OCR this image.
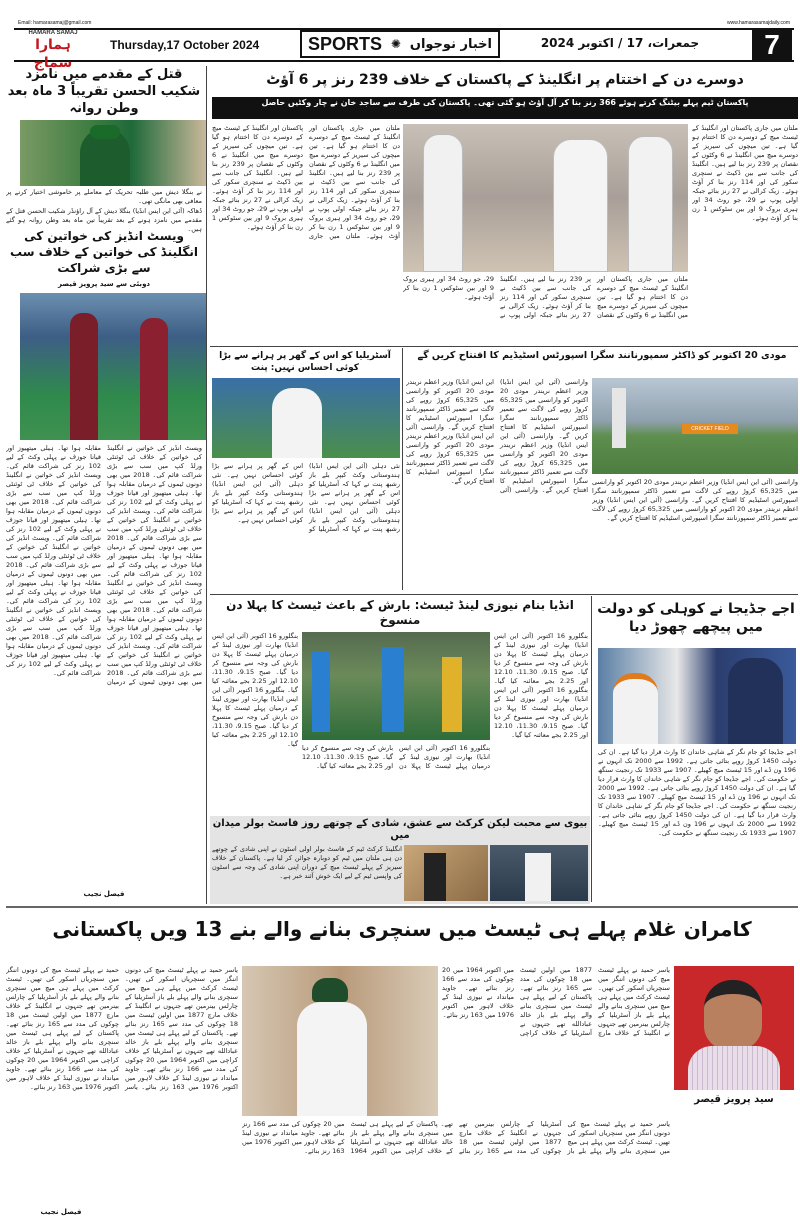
Email: hamarasamaj@gmail.com	www.hamarasamajdaily.com
HAMARA SAMAJ
ہمارا سماج
Thursday,17 October 2024	SPORTS ✺ اخبار نوجواں	جمعرات، 17 / اکتوبر 2024	7
قتل کے مقدمے میں نامزد شکیب الحسن تقریباً 3 ماہ بعد وطن روانہ
نے بنگلا دیش میں طلبہ تحریک کے معاملے پر خاموشی اختیار کرنے پر معافی بھی مانگی تھی۔
ڈھاکہ (آئی این ایس انڈیا) بنگلا دیش کے آل راؤنڈر شکیب الحسن قتل کے مقدمے میں نامزد ہونے کے بعد تقریباً تین ماہ بعد وطن روانہ ہو گئے ہیں۔
ویسٹ انڈیز کی خواتین کی انگلینڈ کی خواتین کے خلاف سب سے بڑی شراکت
دوبئی سے سید پرویز قیصر
ویسٹ انڈیز کی خواتین نے انگلینڈ کی خواتین کے خلاف ٹی ٹوئنٹی ورلڈ کپ میں سب سے بڑی شراکت قائم کی۔ 2018 میں بھی دونوں ٹیموں کے درمیان مقابلہ ہوا تھا۔ ہیلی میتھیوز اور قیانا جوزف نے پہلی وکٹ کے لیے 102 رنز کی شراکت قائم کی۔ ویسٹ انڈیز کی خواتین نے انگلینڈ کی خواتین کے خلاف ٹی ٹوئنٹی ورلڈ کپ میں سب سے بڑی شراکت قائم کی۔ 2018 میں بھی دونوں ٹیموں کے درمیان مقابلہ ہوا تھا۔ ہیلی میتھیوز اور قیانا جوزف نے پہلی وکٹ کے لیے 102 رنز کی شراکت قائم کی۔ ویسٹ انڈیز کی خواتین نے انگلینڈ کی خواتین کے خلاف ٹی ٹوئنٹی ورلڈ کپ میں سب سے بڑی شراکت قائم کی۔ 2018 میں بھی دونوں ٹیموں کے درمیان مقابلہ ہوا تھا۔ ہیلی میتھیوز اور قیانا جوزف نے پہلی وکٹ کے لیے 102 رنز کی شراکت قائم کی۔ ویسٹ انڈیز کی خواتین نے انگلینڈ کی خواتین کے خلاف ٹی ٹوئنٹی ورلڈ کپ میں سب سے بڑی شراکت قائم کی۔ 2018 میں بھی دونوں ٹیموں کے درمیان مقابلہ ہوا تھا۔ ہیلی میتھیوز اور قیانا جوزف نے پہلی وکٹ کے لیے 102 رنز کی شراکت قائم کی۔ ویسٹ انڈیز کی خواتین نے انگلینڈ کی خواتین کے خلاف ٹی ٹوئنٹی ورلڈ کپ میں سب سے بڑی شراکت قائم کی۔ 2018 میں بھی دونوں ٹیموں کے درمیان مقابلہ ہوا تھا۔ ہیلی میتھیوز اور قیانا جوزف نے پہلی وکٹ کے لیے 102 رنز کی شراکت قائم کی۔ ویسٹ انڈیز کی خواتین نے انگلینڈ کی خواتین کے خلاف ٹی ٹوئنٹی ورلڈ کپ میں سب سے بڑی شراکت قائم کی۔ 2018 میں بھی دونوں ٹیموں کے درمیان مقابلہ ہوا تھا۔ ہیلی میتھیوز اور قیانا جوزف نے پہلی وکٹ کے لیے 102 رنز کی شراکت قائم کی۔ ویسٹ انڈیز کی خواتین نے انگلینڈ کی خواتین کے خلاف ٹی ٹوئنٹی ورلڈ کپ میں سب سے بڑی شراکت قائم کی۔ 2018 میں بھی دونوں ٹیموں کے درمیان مقابلہ ہوا تھا۔ ہیلی میتھیوز اور قیانا جوزف نے پہلی وکٹ کے لیے 102 رنز کی شراکت قائم کی۔
فیصل نجیب
دوسرے دن کے اختتام پر انگلینڈ کے پاکستان کے خلاف 239 رنز پر 6 آؤٹ
پاکستان ٹیم پہلے بیٹنگ کرتے ہوئے 366 رنز بنا کر آل آؤٹ ہو گئی تھی۔ پاکستان کی طرف سے ساجد خان نے چار وکٹیں حاصل
ملتان میں جاری پاکستان اور انگلینڈ کے ٹیسٹ میچ کے دوسرے دن کا اختتام ہو گیا ہے۔ تین میچوں کی سیریز کے دوسرے میچ میں انگلینڈ نے 6 وکٹوں کے نقصان پر 239 رنز بنا لیے ہیں۔ انگلینڈ کی جانب سے بین ڈکیٹ نے سنچری سکور کی اور 114 رنز بنا کر آؤٹ ہوئے۔ زیک کرالی نے 27 رنز بنائے جبکہ اولی پوپ نے 29، جو روٹ 34 اور ہیری بروک 9 اور بین سٹوکس 1 رن بنا کر آؤٹ ہوئے۔ ملتان میں جاری پاکستان اور انگلینڈ کے ٹیسٹ میچ کے دوسرے دن کا اختتام ہو گیا ہے۔ تین میچوں کی سیریز کے دوسرے میچ میں انگلینڈ نے 6 وکٹوں کے نقصان پر 239 رنز بنا لیے ہیں۔ انگلینڈ کی جانب سے بین ڈکیٹ نے سنچری سکور کی اور 114 رنز بنا کر آؤٹ ہوئے۔ زیک کرالی نے 27 رنز بنائے جبکہ اولی پوپ نے 29، جو روٹ 34 اور ہیری بروک 9 اور بین سٹوکس 1 رن بنا کر آؤٹ ہوئے۔
ملتان میں جاری پاکستان اور انگلینڈ کے ٹیسٹ میچ کے دوسرے دن کا اختتام ہو گیا ہے۔ تین میچوں کی سیریز کے دوسرے میچ میں انگلینڈ نے 6 وکٹوں کے نقصان پر 239 رنز بنا لیے ہیں۔ انگلینڈ کی جانب سے بین ڈکیٹ نے سنچری سکور کی اور 114 رنز بنا کر آؤٹ ہوئے۔ زیک کرالی نے 27 رنز بنائے جبکہ اولی پوپ نے 29، جو روٹ 34 اور ہیری بروک 9 اور بین سٹوکس 1 رن بنا کر آؤٹ ہوئے۔
ملتان میں جاری پاکستان اور انگلینڈ کے ٹیسٹ میچ کے دوسرے دن کا اختتام ہو گیا ہے۔ تین میچوں کی سیریز کے دوسرے میچ میں انگلینڈ نے 6 وکٹوں کے نقصان پر 239 رنز بنا لیے ہیں۔ انگلینڈ کی جانب سے بین ڈکیٹ نے سنچری سکور کی اور 114 رنز بنا کر آؤٹ ہوئے۔ زیک کرالی نے 27 رنز بنائے جبکہ اولی پوپ نے 29، جو روٹ 34 اور ہیری بروک 9 اور بین سٹوکس 1 رن بنا کر آؤٹ ہوئے۔
آسٹریلیا کو اس کے گھر پر ہرانے سے بڑا کوئی احساس نہیں: پنت
نئی دہلی (آئی این ایس انڈیا) ہندوستانی وکٹ کیپر بلے باز رشبھ پنت نے کہا کہ آسٹریلیا کو اس کے گھر پر ہرانے سے بڑا کوئی احساس نہیں ہے۔ نئی دہلی (آئی این ایس انڈیا) ہندوستانی وکٹ کیپر بلے باز رشبھ پنت نے کہا کہ آسٹریلیا کو اس کے گھر پر ہرانے سے بڑا کوئی احساس نہیں ہے۔ نئی دہلی (آئی این ایس انڈیا) ہندوستانی وکٹ کیپر بلے باز رشبھ پنت نے کہا کہ آسٹریلیا کو اس کے گھر پر ہرانے سے بڑا کوئی احساس نہیں ہے۔
مودی 20 اکتوبر کو ڈاکٹر سمپورنانند سگرا اسپورٹس اسٹیڈیم کا افتتاح کریں گے
وارانسی (آئی این ایس انڈیا) وزیر اعظم نریندر مودی 20 اکتوبر کو وارانسی میں 65,325 کروڑ روپے کی لاگت سے تعمیر ڈاکٹر سمپورنانند سگرا اسپورٹس اسٹیڈیم کا افتتاح کریں گے۔ وارانسی (آئی این ایس انڈیا) وزیر اعظم نریندر مودی 20 اکتوبر کو وارانسی میں 65,325 کروڑ روپے کی لاگت سے تعمیر ڈاکٹر سمپورنانند سگرا اسپورٹس اسٹیڈیم کا افتتاح کریں گے۔ وارانسی (آئی این ایس انڈیا) وزیر اعظم نریندر مودی 20 اکتوبر کو وارانسی میں 65,325 کروڑ روپے کی لاگت سے تعمیر ڈاکٹر سمپورنانند سگرا اسپورٹس اسٹیڈیم کا افتتاح کریں گے۔ وارانسی (آئی این ایس انڈیا) وزیر اعظم نریندر مودی 20 اکتوبر کو وارانسی میں 65,325 کروڑ روپے کی لاگت سے تعمیر ڈاکٹر سمپورنانند سگرا اسپورٹس اسٹیڈیم کا افتتاح کریں گے۔
CRICKET FIELD
وارانسی (آئی این ایس انڈیا) وزیر اعظم نریندر مودی 20 اکتوبر کو وارانسی میں 65,325 کروڑ روپے کی لاگت سے تعمیر ڈاکٹر سمپورنانند سگرا اسپورٹس اسٹیڈیم کا افتتاح کریں گے۔ وارانسی (آئی این ایس انڈیا) وزیر اعظم نریندر مودی 20 اکتوبر کو وارانسی میں 65,325 کروڑ روپے کی لاگت سے تعمیر ڈاکٹر سمپورنانند سگرا اسپورٹس اسٹیڈیم کا افتتاح کریں گے۔
انڈیا بنام نیوزی لینڈ ٹیسٹ: بارش کے باعث ٹیسٹ کا پہلا دن منسوخ
بنگلورو 16 اکتوبر (آئی این ایس انڈیا) بھارت اور نیوزی لینڈ کے درمیان پہلے ٹیسٹ کا پہلا دن بارش کی وجہ سے منسوخ کر دیا گیا۔ صبح 9.15، 11.30، 12.10 اور 2.25 بجے معائنہ کیا گیا۔ بنگلورو 16 اکتوبر (آئی این ایس انڈیا) بھارت اور نیوزی لینڈ کے درمیان پہلے ٹیسٹ کا پہلا دن بارش کی وجہ سے منسوخ کر دیا گیا۔ صبح 9.15، 11.30، 12.10 اور 2.25 بجے معائنہ کیا گیا۔	بنگلورو 16 اکتوبر (آئی این ایس انڈیا) بھارت اور نیوزی لینڈ کے درمیان پہلے ٹیسٹ کا پہلا دن بارش کی وجہ سے منسوخ کر دیا گیا۔ صبح 9.15، 11.30، 12.10 اور 2.25 بجے معائنہ کیا گیا۔
بنگلورو 16 اکتوبر (آئی این ایس انڈیا) بھارت اور نیوزی لینڈ کے درمیان پہلے ٹیسٹ کا پہلا دن بارش کی وجہ سے منسوخ کر دیا گیا۔ صبح 9.15، 11.30، 12.10 اور 2.25 بجے معائنہ کیا گیا۔ بنگلورو 16 اکتوبر (آئی این ایس انڈیا) بھارت اور نیوزی لینڈ کے درمیان پہلے ٹیسٹ کا پہلا دن بارش کی وجہ سے منسوخ کر دیا گیا۔ صبح 9.15، 11.30، 12.10 اور 2.25 بجے معائنہ کیا گیا۔
اجے جڈیجا نے کوہلی کو دولت میں پیچھے چھوڑ دیا
اجے جڈیجا کو جام نگر کے شاہی خاندان کا وارث قرار دیا گیا ہے۔ ان کی دولت 1450 کروڑ روپے بتائی جاتی ہے۔ 1992 سے 2000 تک انہوں نے 196 ون ڈے اور 15 ٹیسٹ میچ کھیلے۔ 1907 سے 1933 تک رنجیت سنگھ نے حکومت کی۔ اجے جڈیجا کو جام نگر کے شاہی خاندان کا وارث قرار دیا گیا ہے۔ ان کی دولت 1450 کروڑ روپے بتائی جاتی ہے۔ 1992 سے 2000 تک انہوں نے 196 ون ڈے اور 15 ٹیسٹ میچ کھیلے۔ 1907 سے 1933 تک رنجیت سنگھ نے حکومت کی۔ اجے جڈیجا کو جام نگر کے شاہی خاندان کا وارث قرار دیا گیا ہے۔ ان کی دولت 1450 کروڑ روپے بتائی جاتی ہے۔ 1992 سے 2000 تک انہوں نے 196 ون ڈے اور 15 ٹیسٹ میچ کھیلے۔ 1907 سے 1933 تک رنجیت سنگھ نے حکومت کی۔
بیوی سے محبت لیکن کرکٹ سے عشق، شادی کے چوتھے روز فاسٹ بولر میدان میں
انگلینڈ کرکٹ ٹیم کے فاسٹ بولر اولی اسٹون نے اپنی شادی کے چوتھے دن ہی ملتان میں ٹیم کو دوبارہ جوائن کر لیا ہے۔ پاکستان کے خلاف سیریز کے پہلے ٹیسٹ میچ کے دوران اپنی شادی کی وجہ سے اسٹون کی واپسی ٹیم کے لیے ایک خوش آئند خبر ہے۔
کامران غلام پہلے ہی ٹیسٹ میں سنچری بنانے والے بنے 13 ویں پاکستانی
یاسر حمید نے پہلے ٹیسٹ میچ کی دونوں اننگز میں سنچریاں اسکور کی تھیں۔ ٹیسٹ کرکٹ میں پہلے ہی میچ میں سنچری بنانے والے پہلے بلے باز آسٹریلیا کے چارلس بینرمین تھے جنہوں نے انگلینڈ کے خلاف مارچ 1877 میں اولین ٹیسٹ میں 18 چوکوں کی مدد سے 165 رنز بنائے تھے۔ پاکستان کے لیے پہلے ہی ٹیسٹ میں سنچری بنانے والے پہلے بلے باز خالد عبادالله تھے جنہوں نے آسٹریلیا کے خلاف کراچی میں اکتوبر 1964 میں 20 چوکوں کی مدد سے 166 رنز بنائے تھے۔ جاوید میانداد نے نیوزی لینڈ کے خلاف لاہور میں اکتوبر 1976 میں 163 رنز بنائے۔ یاسر حمید نے پہلے ٹیسٹ میچ کی دونوں اننگز میں سنچریاں اسکور کی تھیں۔ ٹیسٹ کرکٹ میں پہلے ہی میچ میں سنچری بنانے والے پہلے بلے باز آسٹریلیا کے چارلس بینرمین تھے جنہوں نے انگلینڈ کے خلاف مارچ 1877 میں اولین ٹیسٹ میں 18 چوکوں کی مدد سے 165 رنز بنائے تھے۔ پاکستان کے لیے پہلے ہی ٹیسٹ میں سنچری بنانے والے پہلے بلے باز خالد عبادالله تھے جنہوں نے آسٹریلیا کے خلاف کراچی میں اکتوبر 1964 میں 20 چوکوں کی مدد سے 166 رنز بنائے تھے۔ جاوید میانداد نے نیوزی لینڈ کے خلاف لاہور میں اکتوبر 1976 میں 163 رنز بنائے۔
فیصل نجیب
یاسر حمید نے پہلے ٹیسٹ میچ کی دونوں اننگز میں سنچریاں اسکور کی تھیں۔ ٹیسٹ کرکٹ میں پہلے ہی میچ میں سنچری بنانے والے پہلے بلے باز آسٹریلیا کے چارلس بینرمین تھے جنہوں نے انگلینڈ کے خلاف مارچ 1877 میں اولین ٹیسٹ میں 18 چوکوں کی مدد سے 165 رنز بنائے تھے۔ پاکستان کے لیے پہلے ہی ٹیسٹ میں سنچری بنانے والے پہلے بلے باز خالد عبادالله تھے جنہوں نے آسٹریلیا کے خلاف کراچی میں اکتوبر 1964 میں 20 چوکوں کی مدد سے 166 رنز بنائے تھے۔ جاوید میانداد نے نیوزی لینڈ کے خلاف لاہور میں اکتوبر 1976 میں 163 رنز بنائے۔
یاسر حمید نے پہلے ٹیسٹ میچ کی دونوں اننگز میں سنچریاں اسکور کی تھیں۔ ٹیسٹ کرکٹ میں پہلے ہی میچ میں سنچری بنانے والے پہلے بلے باز آسٹریلیا کے چارلس بینرمین تھے جنہوں نے انگلینڈ کے خلاف مارچ 1877 میں اولین ٹیسٹ میں 18 چوکوں کی مدد سے 165 رنز بنائے تھے۔ پاکستان کے لیے پہلے ہی ٹیسٹ میں سنچری بنانے والے پہلے بلے باز خالد عبادالله تھے جنہوں نے آسٹریلیا کے خلاف کراچی میں اکتوبر 1964 میں 20 چوکوں کی مدد سے 166 رنز بنائے تھے۔ جاوید میانداد نے نیوزی لینڈ کے خلاف لاہور میں اکتوبر 1976 میں 163 رنز بنائے۔
سید پرویز قیصر
